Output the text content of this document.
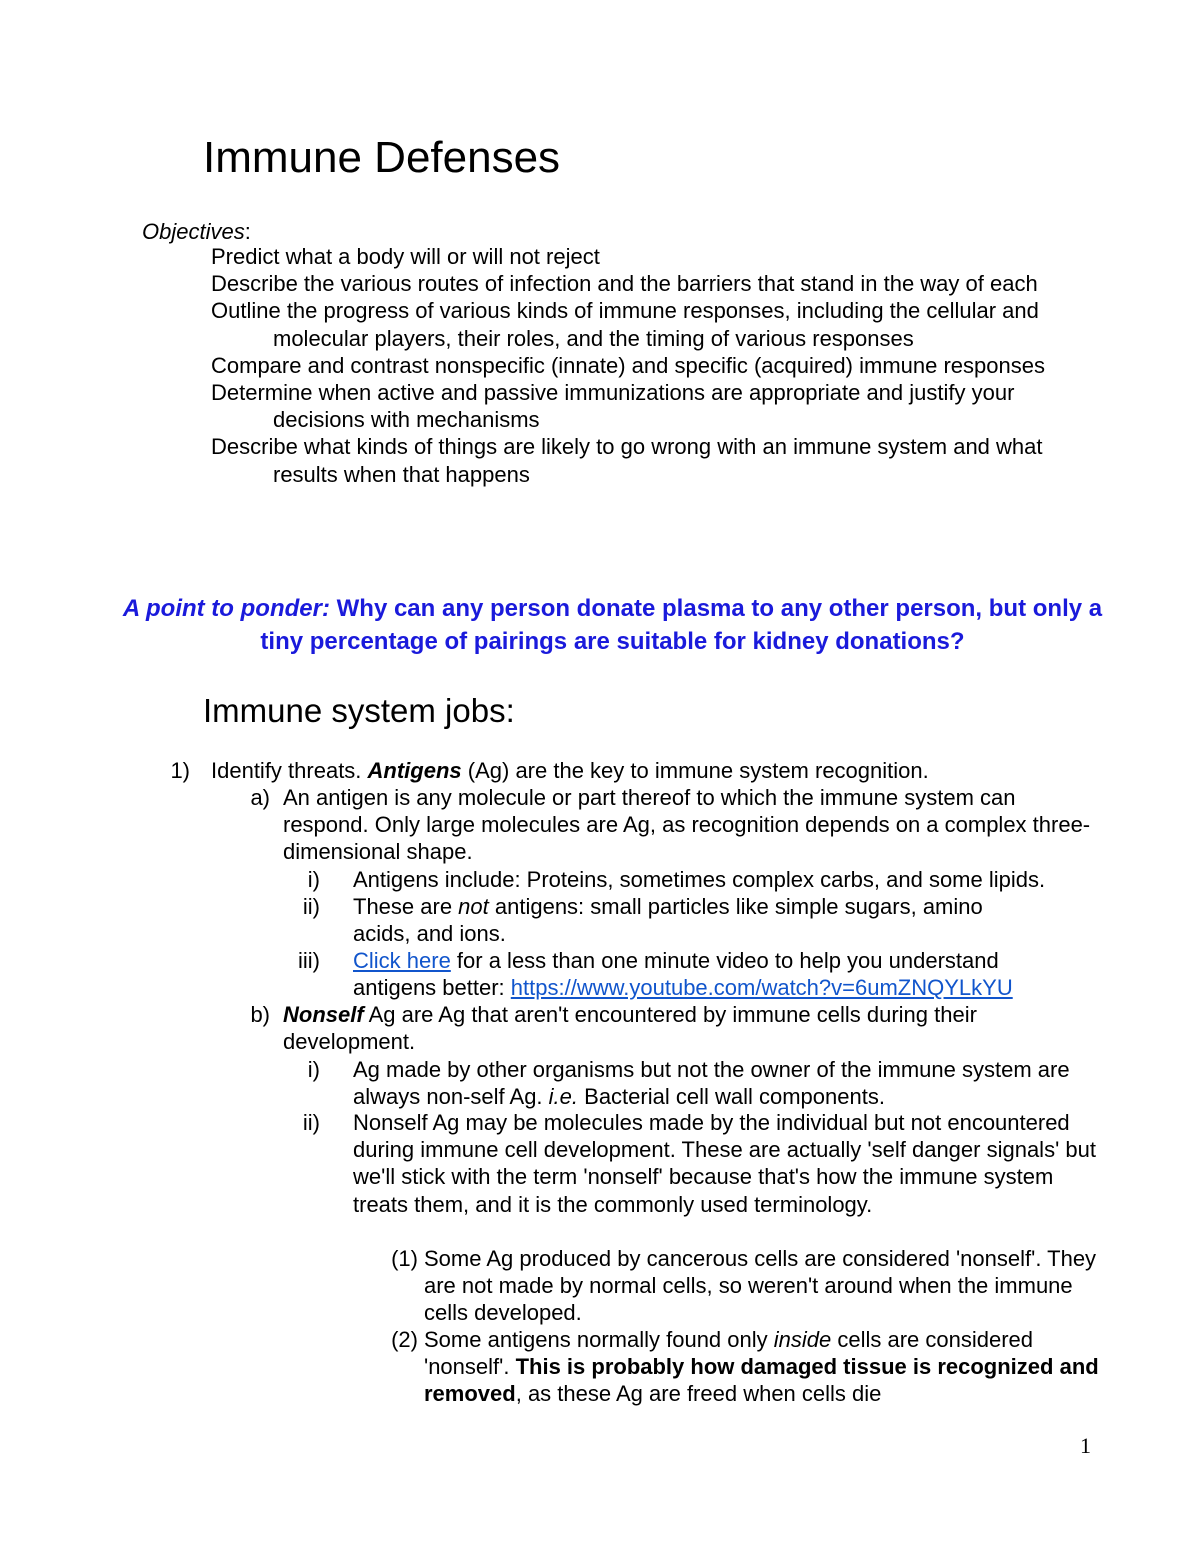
Immune Defenses
Objectives:
Predict what a body will or will not reject
Describe the various routes of infection and the barriers that stand in the way of each
Outline the progress of various kinds of immune responses, including the cellular and molecular players, their roles, and the timing of various responses
Compare and contrast nonspecific (innate) and specific (acquired) immune responses
Determine when active and passive immunizations are appropriate and justify your decisions with mechanisms
Describe what kinds of things are likely to go wrong with an immune system and what results when that happens
A point to ponder: Why can any person donate plasma to any other person, but only a tiny percentage of pairings are suitable for kidney donations?
Immune system jobs:
1) Identify threats. Antigens (Ag) are the key to immune system recognition.
a) An antigen is any molecule or part thereof to which the immune system can respond. Only large molecules are Ag, as recognition depends on a complex three-dimensional shape.
i) Antigens include: Proteins, sometimes complex carbs, and some lipids.
ii) These are not antigens: small particles like simple sugars, amino acids, and ions.
iii) Click here for a less than one minute video to help you understand antigens better: https://www.youtube.com/watch?v=6umZNQYLkYU
b) Nonself Ag are Ag that aren't encountered by immune cells during their development.
i) Ag made by other organisms but not the owner of the immune system are always non-self Ag. i.e. Bacterial cell wall components.
ii) Nonself Ag may be molecules made by the individual but not encountered during immune cell development. These are actually 'self danger signals' but we'll stick with the term 'nonself' because that's how the immune system treats them, and it is the commonly used terminology.
(1) Some Ag produced by cancerous cells are considered 'nonself'. They are not made by normal cells, so weren't around when the immune cells developed.
(2) Some antigens normally found only inside cells are considered 'nonself'. This is probably how damaged tissue is recognized and removed, as these Ag are freed when cells die
1
